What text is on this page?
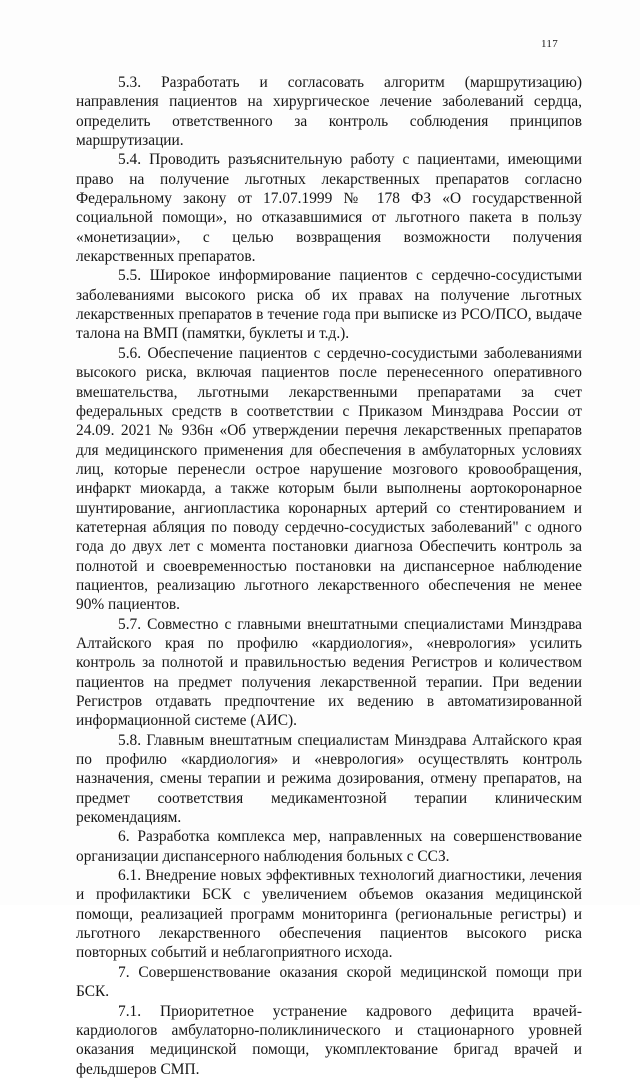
117

5.3. Разработать и согласовать алгоритм (маршрутизацию) направления пациентов на хирургическое лечение заболеваний сердца, определить ответственного за контроль соблюдения принципов маршрутизации.

5.4. Проводить разъяснительную работу с пациентами, имеющими право на получение льготных лекарственных препаратов согласно Федеральному закону от 17.07.1999 № 178 ФЗ «О государственной социальной помощи», но отказавшимися от льготного пакета в пользу «монетизации», с целью возвращения возможности получения лекарственных препаратов.

5.5. Широкое информирование пациентов с сердечно-сосудистыми заболеваниями высокого риска об их правах на получение льготных лекарственных препаратов в течение года при выписке из РСО/ПСО, выдаче талона на ВМП (памятки, буклеты и т.д.).

5.6. Обеспечение пациентов с сердечно-сосудистыми заболеваниями высокого риска, включая пациентов после перенесенного оперативного вмешательства, льготными лекарственными препаратами за счет федеральных средств в соответствии с Приказом Минздрава России от 24.09. 2021 № 936н «Об утверждении перечня лекарственных препаратов для медицинского применения для обеспечения в амбулаторных условиях лиц, которые перенесли острое нарушение мозгового кровообращения, инфаркт миокарда, а также которым были выполнены аортокоронарное шунтирование, ангиопластика коронарных артерий со стентированием и катетерная абляция по поводу сердечно-сосудистых заболеваний" с одного года до двух лет с момента постановки диагноза Обеспечить контроль за полнотой и своевременностью постановки на диспансерное наблюдение пациентов, реализацию льготного лекарственного обеспечения не менее 90% пациентов.

5.7. Совместно с главными внештатными специалистами Минздрава Алтайского края по профилю «кардиология», «неврология» усилить контроль за полнотой и правильностью ведения Регистров и количеством пациентов на предмет получения лекарственной терапии. При ведении Регистров отдавать предпочтение их ведению в автоматизированной информационной системе (АИС).

5.8. Главным внештатным специалистам Минздрава Алтайского края по профилю «кардиология» и «неврология» осуществлять контроль назначения, смены терапии и режима дозирования, отмену препаратов, на предмет соответствия медикаментозной терапии клиническим рекомендациям.

6. Разработка комплекса мер, направленных на совершенствование организации диспансерного наблюдения больных с ССЗ.

6.1. Внедрение новых эффективных технологий диагностики, лечения и профилактики БСК с увеличением объемов оказания медицинской помощи, реализацией программ мониторинга (региональные регистры) и льготного лекарственного обеспечения пациентов высокого риска повторных событий и неблагоприятного исхода.

7. Совершенствование оказания скорой медицинской помощи при БСК.

7.1. Приоритетное устранение кадрового дефицита врачей-кардиологов амбулаторно-поликлинического и стационарного уровней оказания медицинской помощи, укомплектование бригад врачей и фельдшеров СМП.
